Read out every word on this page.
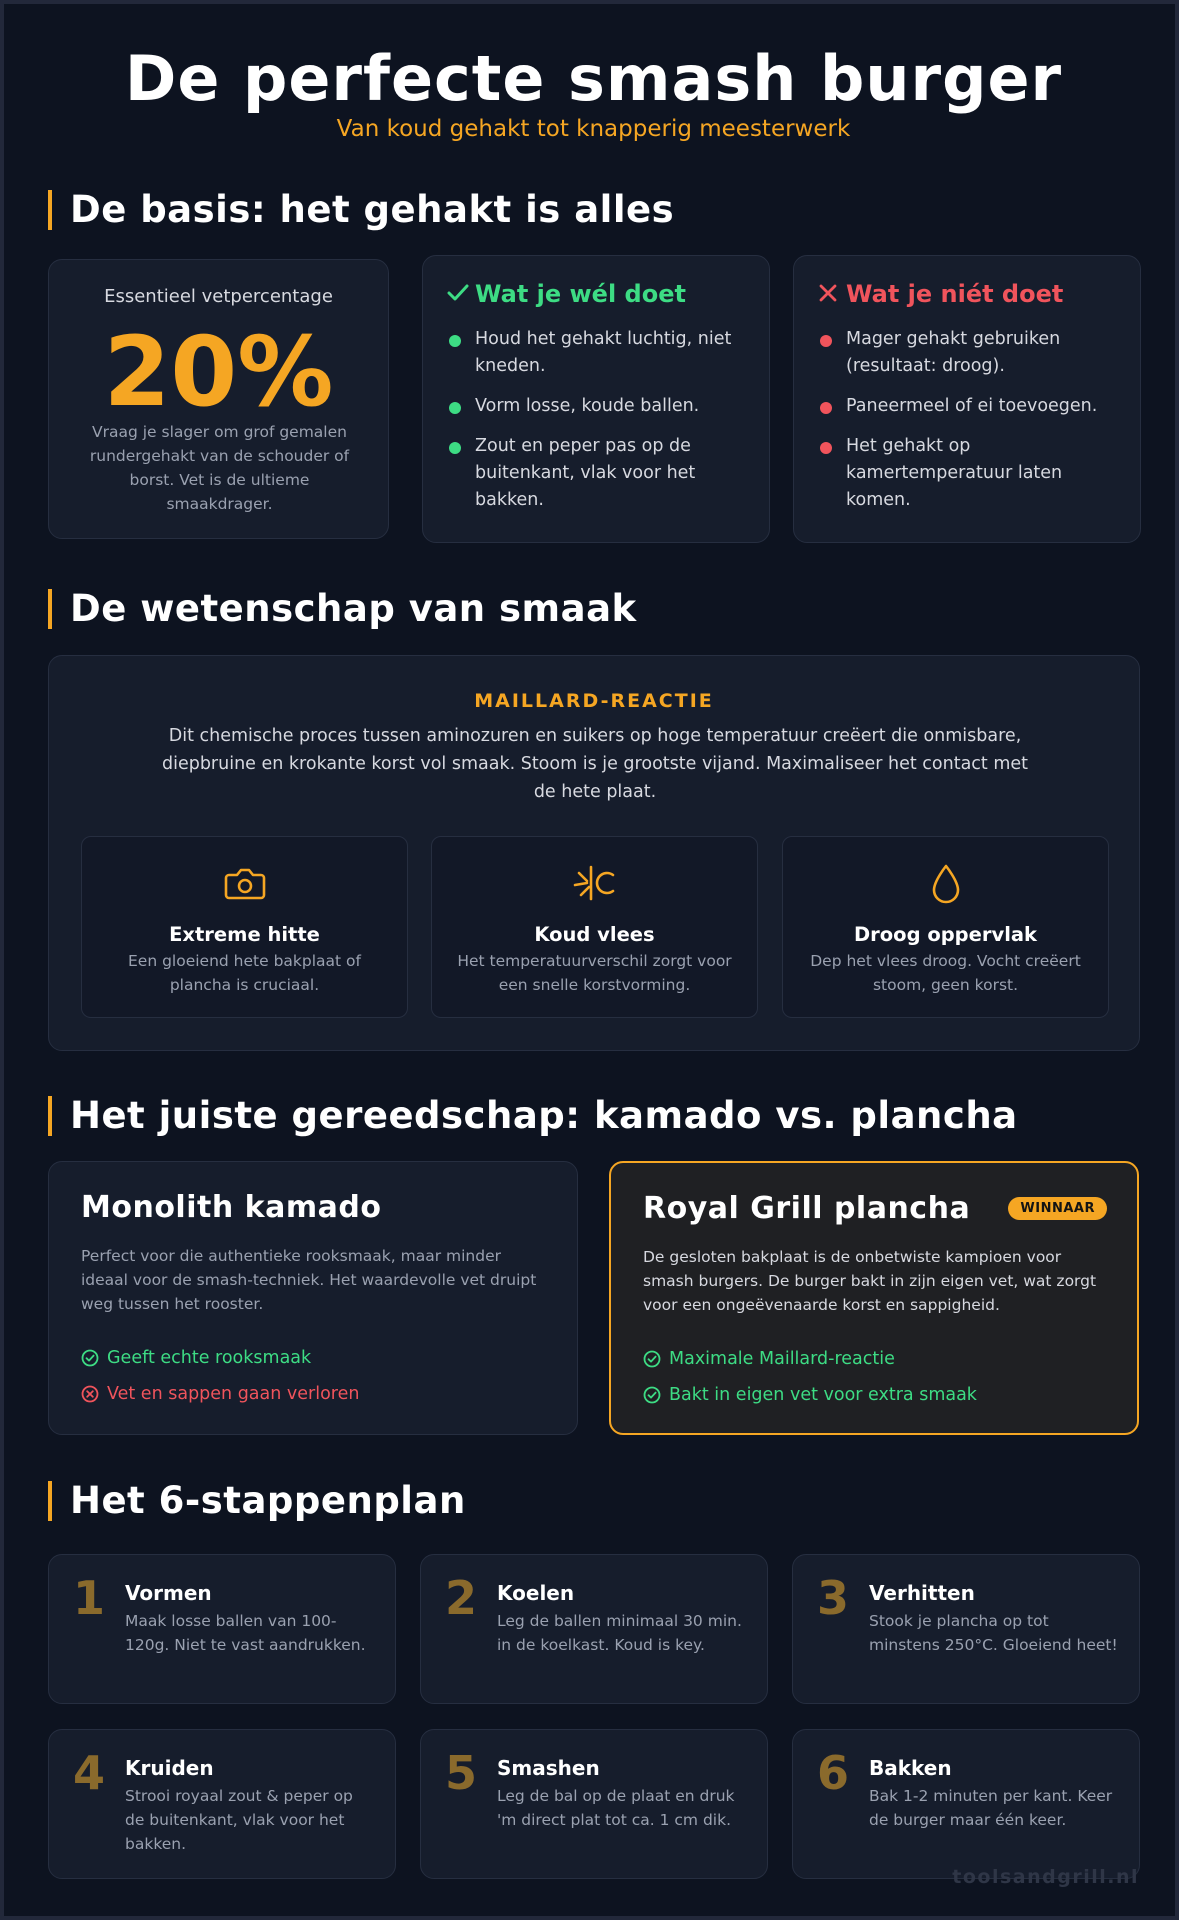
De perfecte smash burger
Van koud gehakt tot knapperig meesterwerk
De basis: het gehakt is alles
Essentieel vetpercentage
20%
Vraag je slager om grof gemalen rundergehakt van de schouder of borst. Vet is de ultieme smaakdrager.
Wat je wél doet
Houd het gehakt luchtig, niet kneden.
Vorm losse, koude ballen.
Zout en peper pas op de buitenkant, vlak voor het bakken.
Wat je niét doet
Mager gehakt gebruiken (resultaat: droog).
Paneermeel of ei toevoegen.
Het gehakt op kamertemperatuur laten komen.
De wetenschap van smaak
MAILLARD-REACTIE
Dit chemische proces tussen aminozuren en suikers op hoge temperatuur creëert die onmisbare, diepbruine en krokante korst vol smaak. Stoom is je grootste vijand. Maximaliseer het contact met de hete plaat.
Extreme hitte
Een gloeiend hete bakplaat of plancha is cruciaal.
Koud vlees
Het temperatuurverschil zorgt voor een snelle korstvorming.
Droog oppervlak
Dep het vlees droog. Vocht creëert stoom, geen korst.
Het juiste gereedschap: kamado vs. plancha
Monolith kamado
Perfect voor die authentieke rooksmaak, maar minder ideaal voor de smash-techniek. Het waardevolle vet druipt weg tussen het rooster.
Geeft echte rooksmaak
Vet en sappen gaan verloren
Royal Grill plancha	WINNAAR
De gesloten bakplaat is de onbetwiste kampioen voor smash burgers. De burger bakt in zijn eigen vet, wat zorgt voor een ongeëvenaarde korst en sappigheid.
Maximale Maillard-reactie
Bakt in eigen vet voor extra smaak
Het 6-stappenplan
1 Vormen
Maak losse ballen van 100-120g. Niet te vast aandrukken.
2 Koelen
Leg de ballen minimaal 30 min. in de koelkast. Koud is key.
3 Verhitten
Stook je plancha op tot minstens 250°C. Gloeiend heet!
4 Kruiden
Strooi royaal zout & peper op de buitenkant, vlak voor het bakken.
5 Smashen
Leg de bal op de plaat en druk 'm direct plat tot ca. 1 cm dik.
6 Bakken
Bak 1-2 minuten per kant. Keer de burger maar één keer.
toolsandgrill.nl
